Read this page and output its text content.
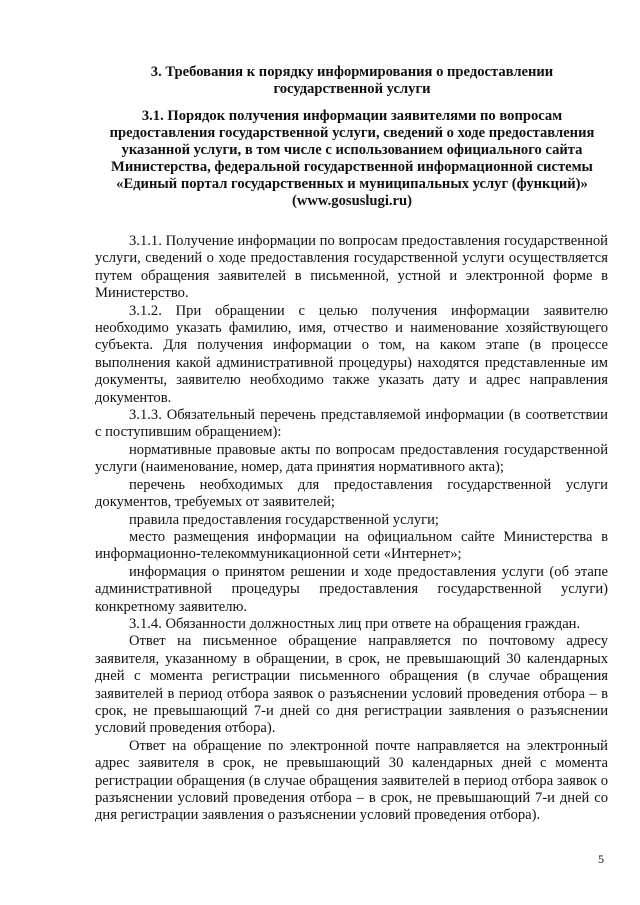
3. Требования к порядку информирования о предоставлении государственной услуги
3.1. Порядок получения информации заявителями по вопросам предоставления государственной услуги, сведений о ходе предоставления указанной услуги, в том числе с использованием официального сайта Министерства, федеральной государственной информационной системы «Единый портал государственных и муниципальных услуг (функций)» (www.gosuslugi.ru)

3.1.1. Получение информации по вопросам предоставления государственной услуги, сведений о ходе предоставления государственной услуги осуществляется путем обращения заявителей в письменной, устной и электронной форме в Министерство.

3.1.2. При обращении с целью получения информации заявителю необходимо указать фамилию, имя, отчество и наименование хозяйствующего субъекта. Для получения информации о том, на каком этапе (в процессе выполнения какой административной процедуры) находятся представленные им документы, заявителю необходимо также указать дату и адрес направления документов.

3.1.3. Обязательный перечень представляемой информации (в соответствии с поступившим обращением):

нормативные правовые акты по вопросам предоставления государственной услуги (наименование, номер, дата принятия нормативного акта);

перечень необходимых для предоставления государственной услуги документов, требуемых от заявителей;

правила предоставления государственной услуги;

место размещения информации на официальном сайте Министерства в информационно-телекоммуникационной сети «Интернет»;

информация о принятом решении и ходе предоставления услуги (об этапе административной процедуры предоставления государственной услуги) конкретному заявителю.

3.1.4. Обязанности должностных лиц при ответе на обращения граждан.

Ответ на письменное обращение направляется по почтовому адресу заявителя, указанному в обращении, в срок, не превышающий 30 календарных дней с момента регистрации письменного обращения (в случае обращения заявителей в период отбора заявок о разъяснении условий проведения отбора – в срок, не превышающий 7-и дней со дня регистрации заявления о разъяснении условий проведения отбора).

Ответ на обращение по электронной почте направляется на электронный адрес заявителя в срок, не превышающий 30 календарных дней с момента регистрации обращения (в случае обращения заявителей в период отбора заявок о разъяснении условий проведения отбора – в срок, не превышающий 7-и дней со дня регистрации заявления о разъяснении условий проведения отбора).

5
